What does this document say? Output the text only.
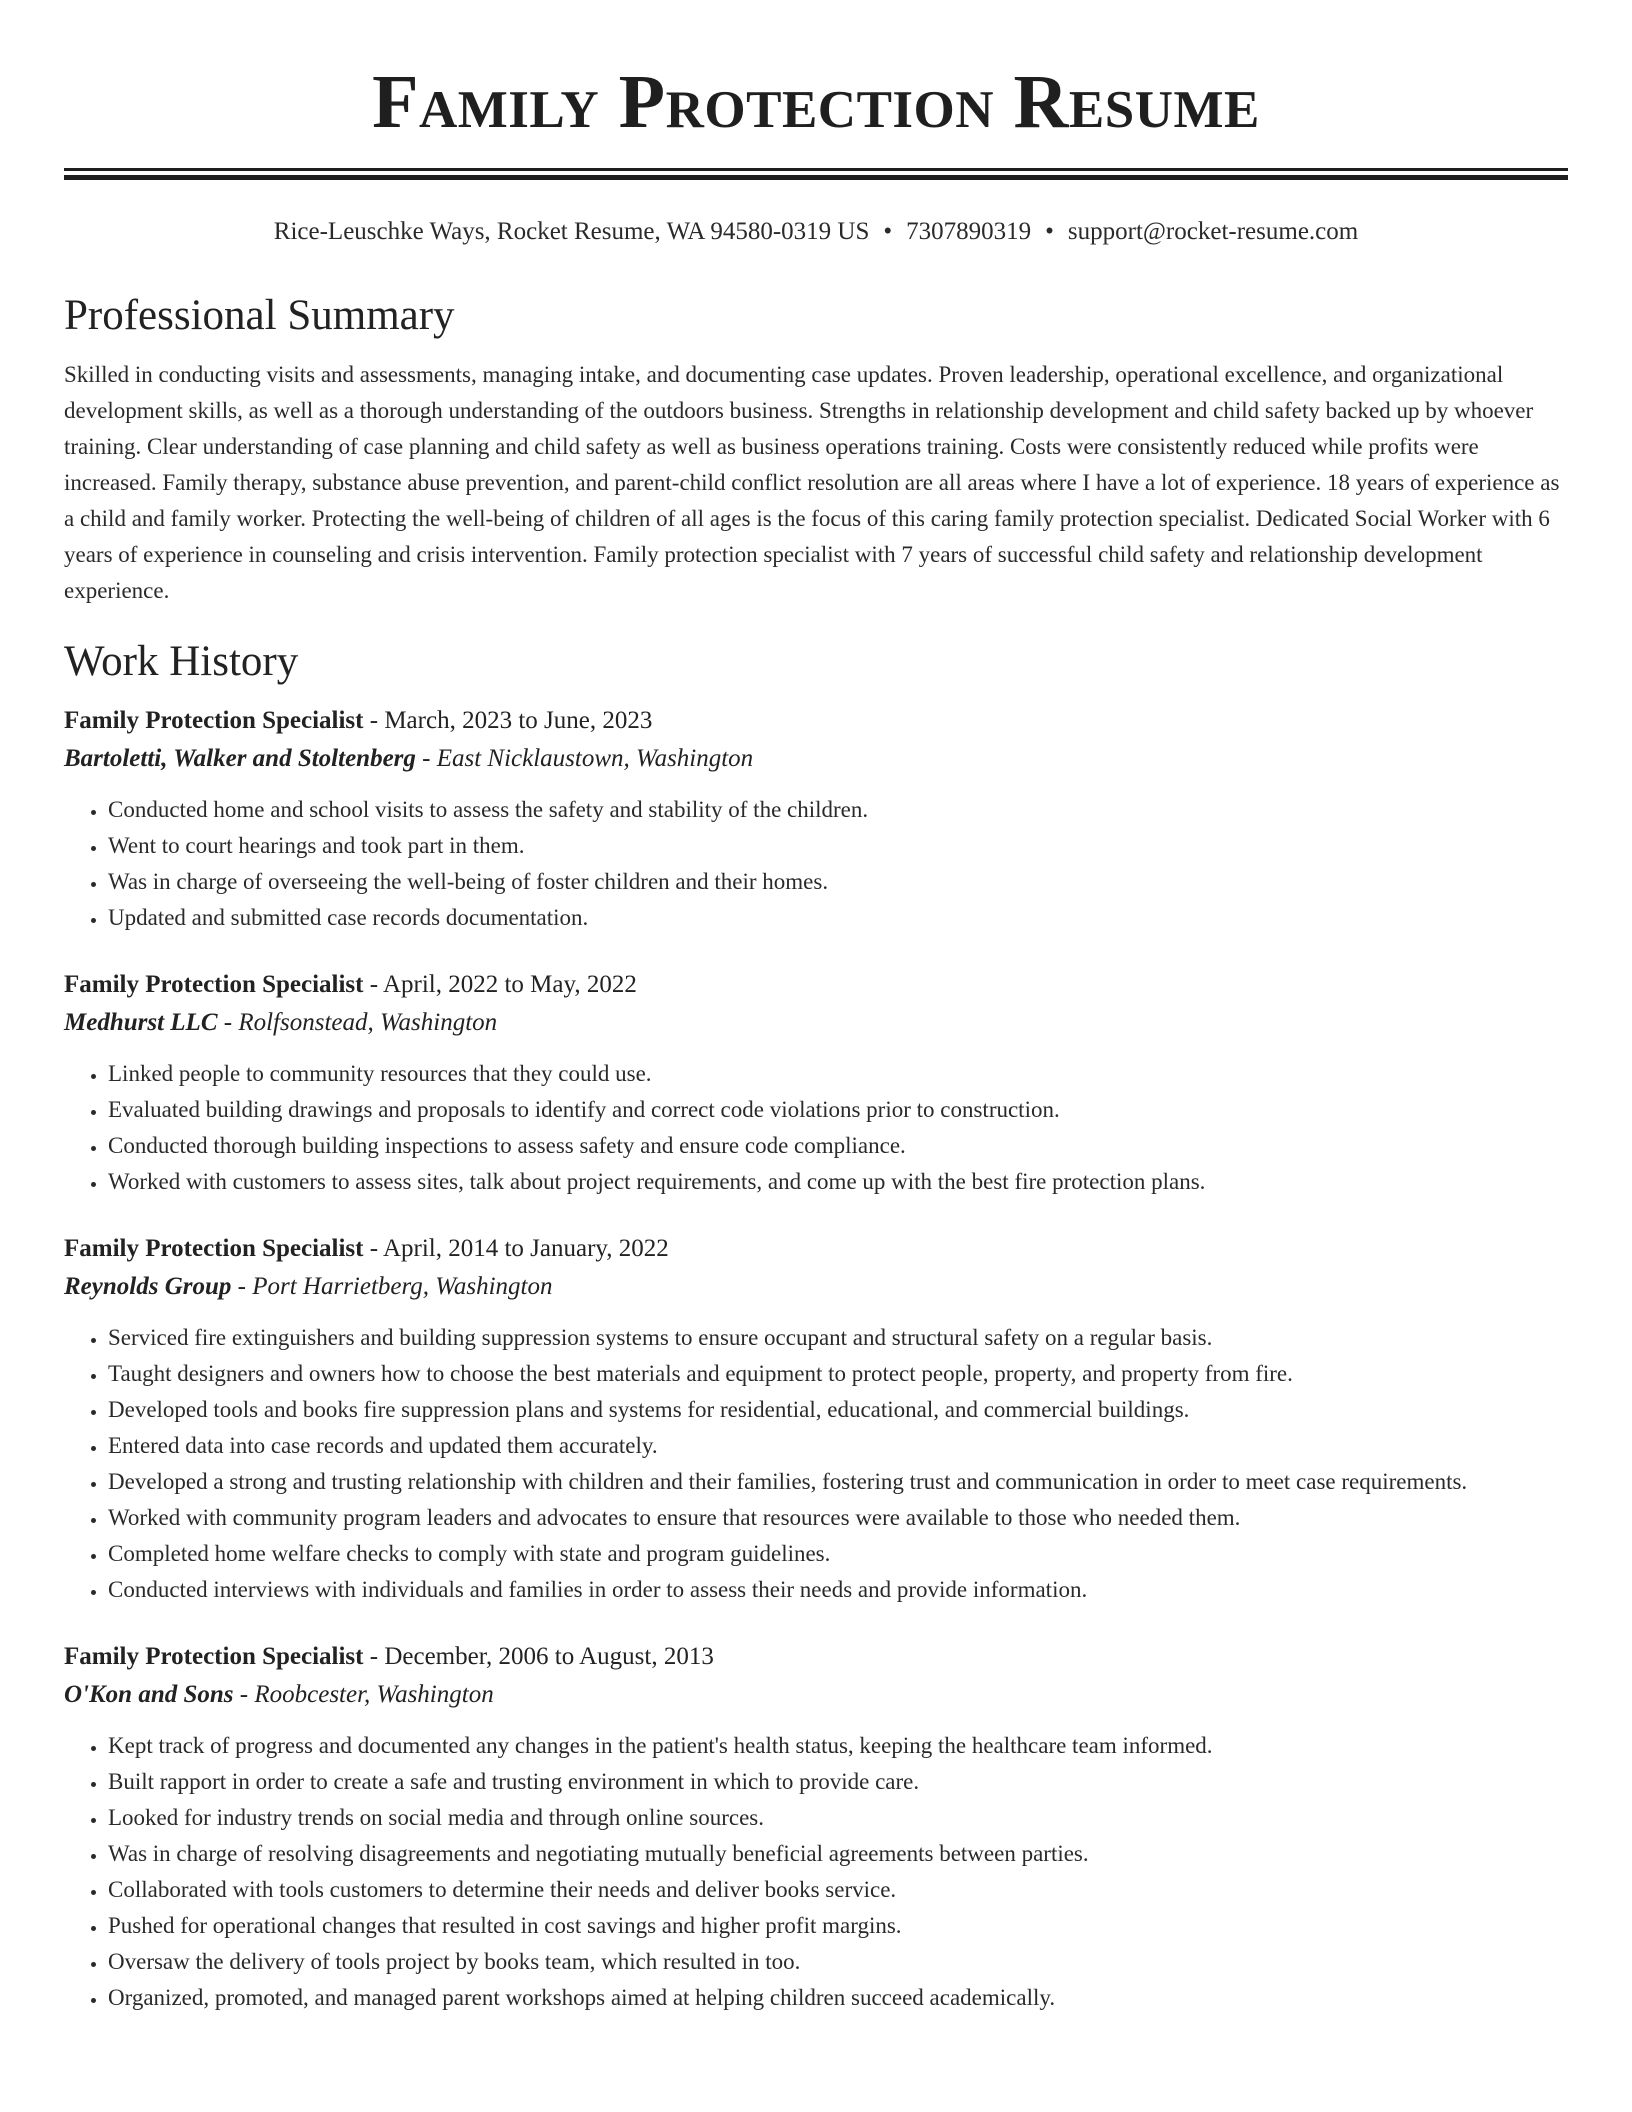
Family Protection Resume
Rice-Leuschke Ways, Rocket Resume, WA 94580-0319 US • 7307890319 • support@rocket-resume.com
Professional Summary

Skilled in conducting visits and assessments, managing intake, and documenting case updates. Proven leadership, operational excellence, and organizational development skills, as well as a thorough understanding of the outdoors business. Strengths in relationship development and child safety backed up by whoever training. Clear understanding of case planning and child safety as well as business operations training. Costs were consistently reduced while profits were increased. Family therapy, substance abuse prevention, and parent-child conflict resolution are all areas where I have a lot of experience. 18 years of experience as a child and family worker. Protecting the well-being of children of all ages is the focus of this caring family protection specialist. Dedicated Social Worker with 6 years of experience in counseling and crisis intervention. Family protection specialist with 7 years of successful child safety and relationship development experience.

Work History
Family Protection Specialist - March, 2023 to June, 2023
Bartoletti, Walker and Stoltenberg - East Nicklaustown, Washington
• Conducted home and school visits to assess the safety and stability of the children.
• Went to court hearings and took part in them.
• Was in charge of overseeing the well-being of foster children and their homes.
• Updated and submitted case records documentation.
Family Protection Specialist - April, 2022 to May, 2022
Medhurst LLC - Rolfsonstead, Washington
• Linked people to community resources that they could use.
• Evaluated building drawings and proposals to identify and correct code violations prior to construction.
• Conducted thorough building inspections to assess safety and ensure code compliance.
• Worked with customers to assess sites, talk about project requirements, and come up with the best fire protection plans.
Family Protection Specialist - April, 2014 to January, 2022
Reynolds Group - Port Harrietberg, Washington
• Serviced fire extinguishers and building suppression systems to ensure occupant and structural safety on a regular basis.
• Taught designers and owners how to choose the best materials and equipment to protect people, property, and property from fire.
• Developed tools and books fire suppression plans and systems for residential, educational, and commercial buildings.
• Entered data into case records and updated them accurately.
• Developed a strong and trusting relationship with children and their families, fostering trust and communication in order to meet case requirements.
• Worked with community program leaders and advocates to ensure that resources were available to those who needed them.
• Completed home welfare checks to comply with state and program guidelines.
• Conducted interviews with individuals and families in order to assess their needs and provide information.
Family Protection Specialist - December, 2006 to August, 2013
O'Kon and Sons - Roobcester, Washington
• Kept track of progress and documented any changes in the patient's health status, keeping the healthcare team informed.
• Built rapport in order to create a safe and trusting environment in which to provide care.
• Looked for industry trends on social media and through online sources.
• Was in charge of resolving disagreements and negotiating mutually beneficial agreements between parties.
• Collaborated with tools customers to determine their needs and deliver books service.
• Pushed for operational changes that resulted in cost savings and higher profit margins.
• Oversaw the delivery of tools project by books team, which resulted in too.
• Organized, promoted, and managed parent workshops aimed at helping children succeed academically.
